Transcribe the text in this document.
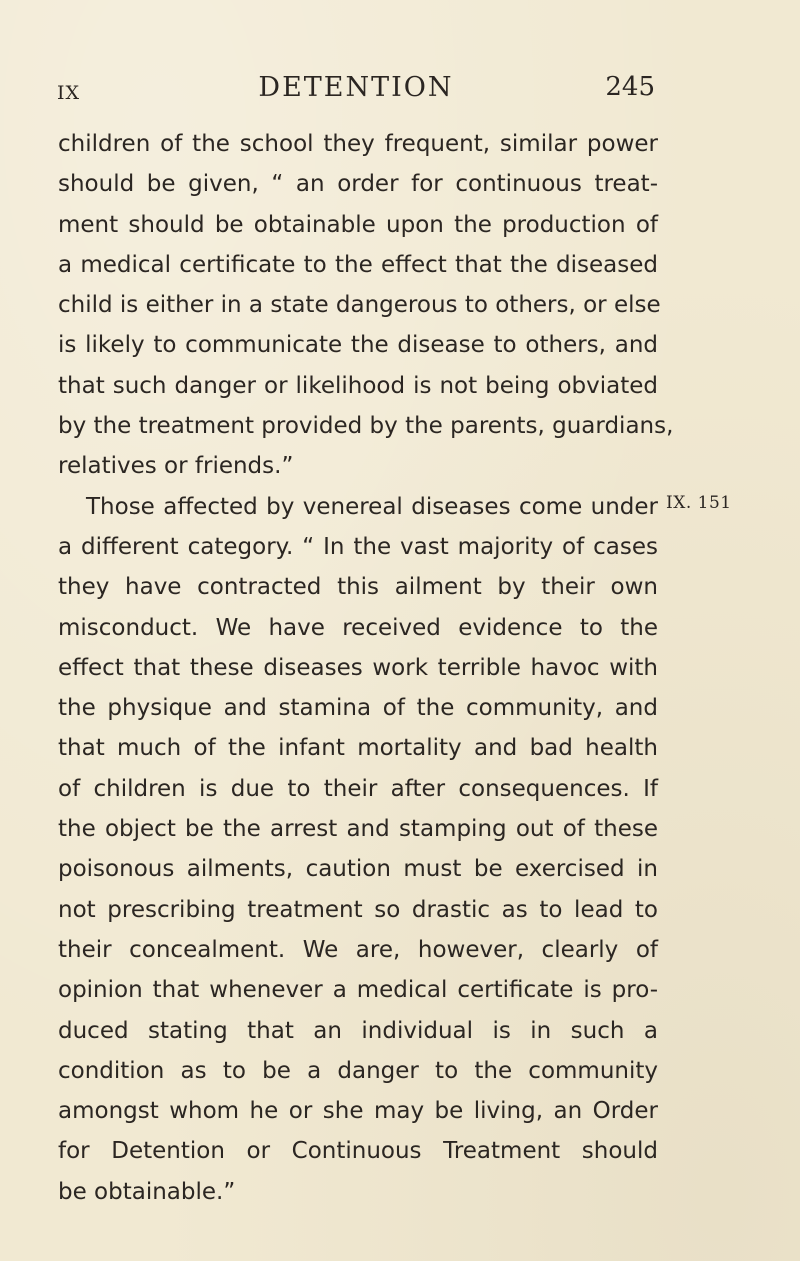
IX	DETENTION	245
children of the school they frequent, similar power
should be given, “ an order for continuous treat-
ment should be obtainable upon the production of
a medical certificate to the effect that the diseased
child is either in a state dangerous to others, or else
is likely to communicate the disease to others, and
that such danger or likelihood is not being obviated
by the treatment provided by the parents, guardians,
relatives or friends.”
Those affected by venereal diseases come under
a different category. “ In the vast majority of cases
they have contracted this ailment by their own
misconduct. We have received evidence to the
effect that these diseases work terrible havoc with
the physique and stamina of the community, and
that much of the infant mortality and bad health
of children is due to their after consequences. If
the object be the arrest and stamping out of these
poisonous ailments, caution must be exercised in
not prescribing treatment so drastic as to lead to
their concealment. We are, however, clearly of
opinion that whenever a medical certificate is pro-
duced stating that an individual is in such a
condition as to be a danger to the community
amongst whom he or she may be living, an Order
for Detention or Continuous Treatment should
be obtainable.”
IX. 151
